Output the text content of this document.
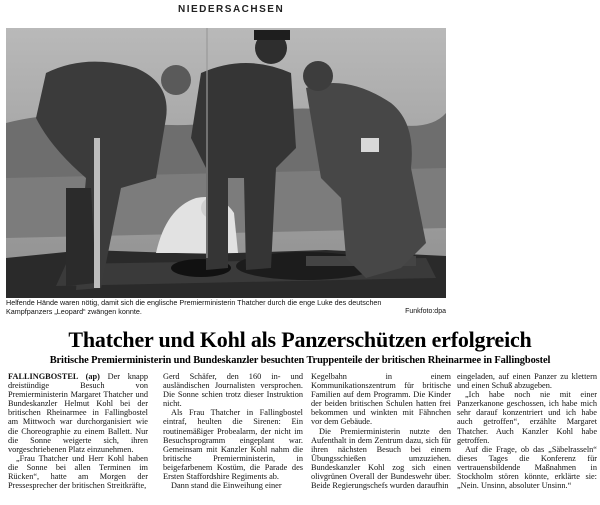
NIEDERSACHSEN
Helfende Hände waren nötig, damit sich die englische Premierministerin Thatcher durch die enge Luke des deutschen
Kampfpanzers „Leopard“ zwängen konnte.	Funkfoto:dpa
Thatcher und Kohl als Panzerschützen erfolgreich
Britische Premierministerin und Bundeskanzler besuchten Truppenteile der britischen Rheinarmee in Fallingbostel

FALLINGBOSTEL (ap) Der knapp dreistündige Besuch von Premierministerin Margaret Thatcher und Bundeskanzler Helmut Kohl bei der britischen Rheinarmee in Fallingbostel am Mittwoch war durchorganisiert wie die Choreographie zu einem Ballett. Nur die Sonne weigerte sich, ihren vorgeschriebenen Platz einzunehmen.

„Frau Thatcher und Herr Kohl haben die Sonne bei allen Terminen im Rücken“, hatte am Morgen der Pressesprecher der britischen Streitkräfte,

Gerd Schäfer, den 160 in- und ausländischen Journalisten versprochen. Die Sonne schien trotz dieser Instruktion nicht.

Als Frau Thatcher in Fallingbostel eintraf, heulten die Sirenen: Ein routinemäßiger Probealarm, der nicht im Besuchsprogramm eingeplant war. Gemeinsam mit Kanzler Kohl nahm die britische Premierministerin, in beigefarbenem Kostüm, die Parade des Ersten Staffordshire Regiments ab.

Dann stand die Einweihung einer

Kegelbahn in einem Kommunikationszentrum für britische Familien auf dem Programm. Die Kinder der beiden britischen Schulen hatten frei bekommen und winkten mit Fähnchen vor dem Gebäude.

Die Premierministerin nutzte den Aufenthalt in dem Zentrum dazu, sich für ihren nächsten Besuch bei einem Übungsschießen umzuziehen. Bundeskanzler Kohl zog sich einen olivgrünen Overall der Bundeswehr über. Beide Regierungschefs wurden daraufhin

eingeladen, auf einen Panzer zu klettern und einen Schuß abzugeben.

„Ich habe noch nie mit einer Panzerkanone geschossen, ich habe mich sehr darauf konzentriert und ich habe auch getroffen“, erzählte Margaret Thatcher. Auch Kanzler Kohl habe getroffen.

Auf die Frage, ob das „Säbelrasseln“ dieses Tages die Konferenz für vertrauensbildende Maßnahmen in Stockholm stören könnte, erklärte sie: „Nein. Unsinn, absoluter Unsinn.“
